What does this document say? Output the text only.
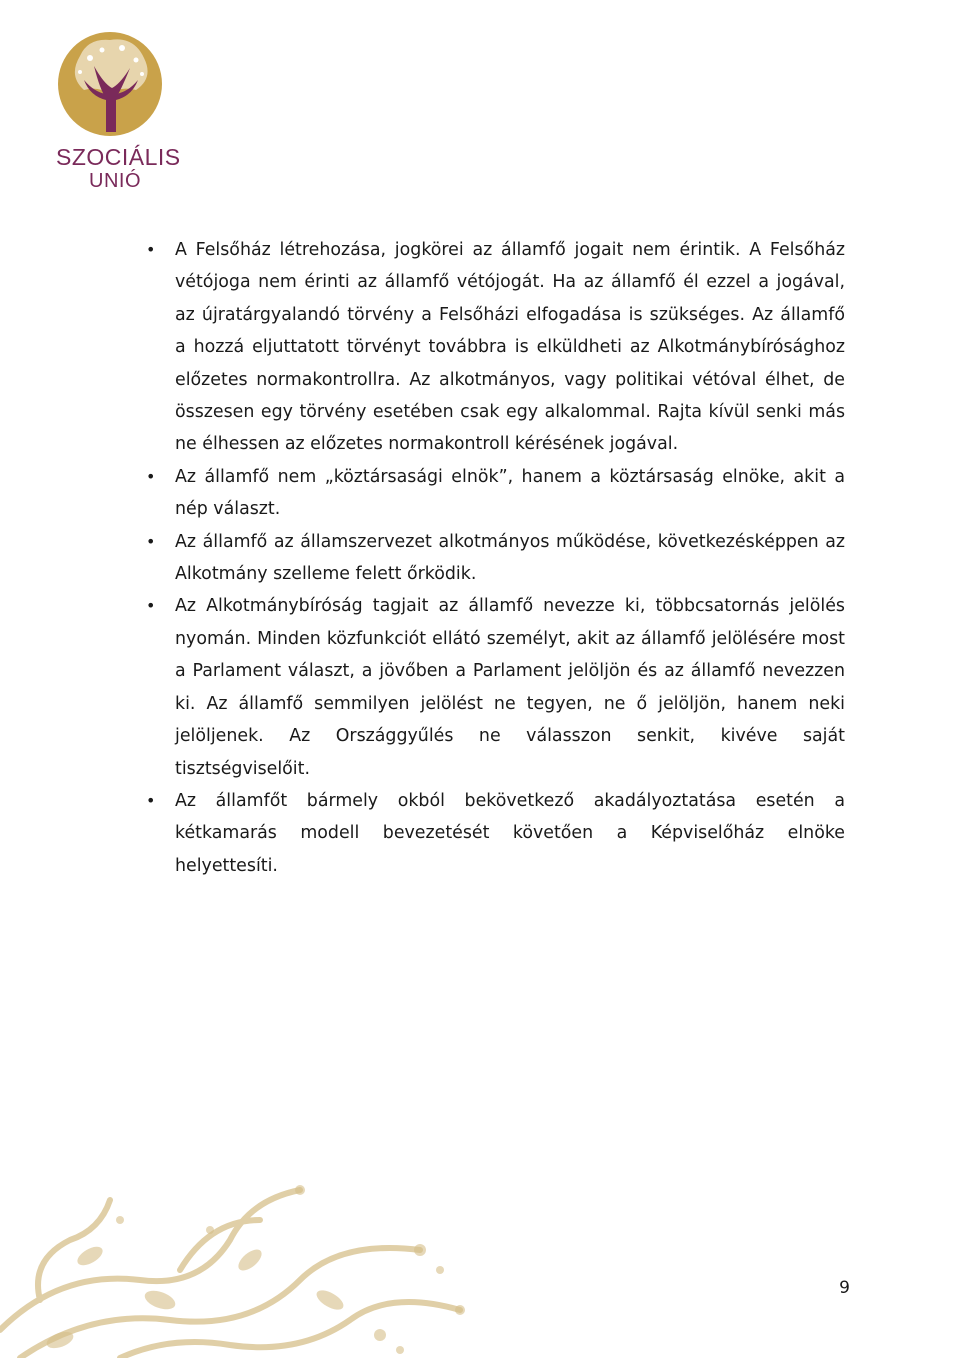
SZOCIÁLIS
UNIÓ
• A Felsőház létrehozása, jogkörei az államfő jogait nem érintik. A Felsőház vétójoga nem érinti az államfő vétójogát. Ha az államfő él ezzel a jogával, az újratárgyalandó törvény a Felsőházi elfogadása is szükséges. Az államfő a hozzá eljuttatott törvényt továbbra is elküldheti az Alkotmánybírósághoz előzetes normakontrollra. Az alkotmányos, vagy politikai vétóval élhet, de összesen egy törvény esetében csak egy alkalommal. Rajta kívül senki más ne élhessen az előzetes normakontroll kérésének jogával.
• Az államfő nem „köztársasági elnök”, hanem a köztársaság elnöke, akit a nép választ.
• Az államfő az államszervezet alkotmányos működése, következésképpen az Alkotmány szelleme felett őrködik.
• Az Alkotmánybíróság tagjait az államfő nevezze ki, többcsatornás jelölés nyomán. Minden közfunkciót ellátó személyt, akit az államfő jelölésére most a Parlament választ, a jövőben a Parlament jelöljön és az államfő nevezzen ki. Az államfő semmilyen jelölést ne tegyen, ne ő jelöljön, hanem neki jelöljenek. Az Országgyűlés ne válasszon senkit, kivéve saját tisztségviselőit.
• Az államfőt bármely okból bekövetkező akadályoztatása esetén a kétkamarás modell bevezetését követően a Képviselőház elnöke helyettesíti.
9
